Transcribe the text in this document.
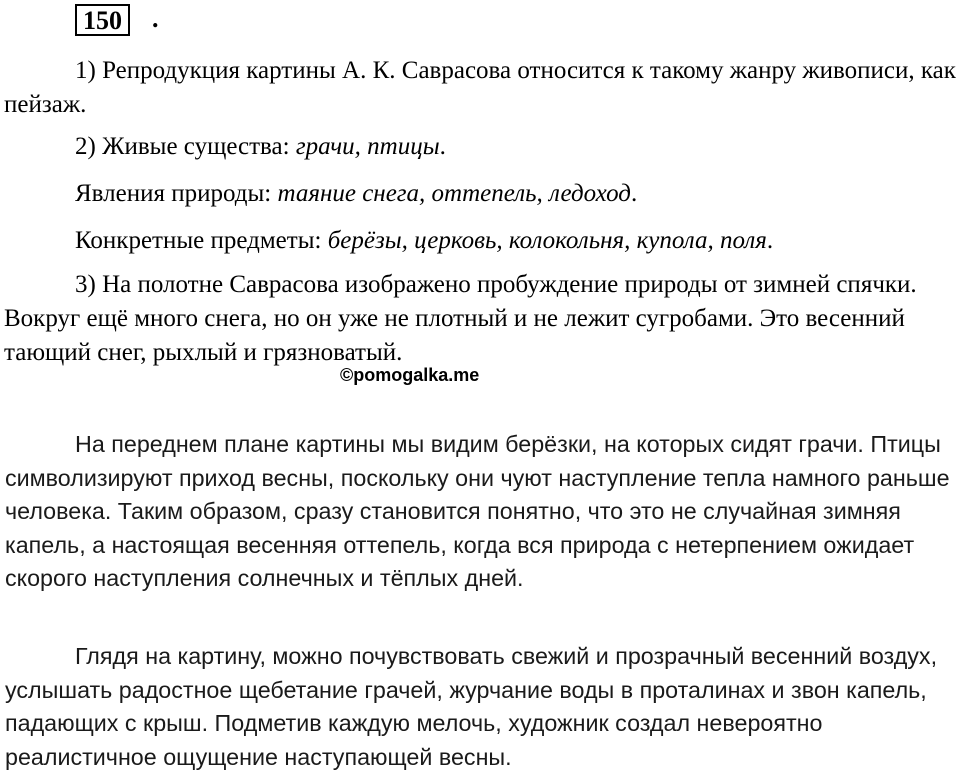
150	.

1) Репродукция картины А. К. Саврасова относится к такому жанру живописи, как пейзаж.

2) Живые существа: грачи, птицы.
Явления природы: таяние снега, оттепель, ледоход.
Конкретные предметы: берёзы, церковь, колокольня, купола, поля.

3) На полотне Саврасова изображено пробуждение природы от зимней спячки. Вокруг ещё много снега, но он уже не плотный и не лежит сугробами. Это весенний тающий снег, рыхлый и грязноватый.

©pomogalka.me

На переднем плане картины мы видим берёзки, на которых сидят грачи. Птицы символизируют приход весны, поскольку они чуют наступление тепла намного раньше человека. Таким образом, сразу становится понятно, что это не случайная зимняя капель, а настоящая весенняя оттепель, когда вся природа с нетерпением ожидает скорого наступления солнечных и тёплых дней.

Глядя на картину, можно почувствовать свежий и прозрачный весенний воздух, услышать радостное щебетание грачей, журчание воды в проталинах и звон капель, падающих с крыш. Подметив каждую мелочь, художник создал невероятно реалистичное ощущение наступающей весны.
